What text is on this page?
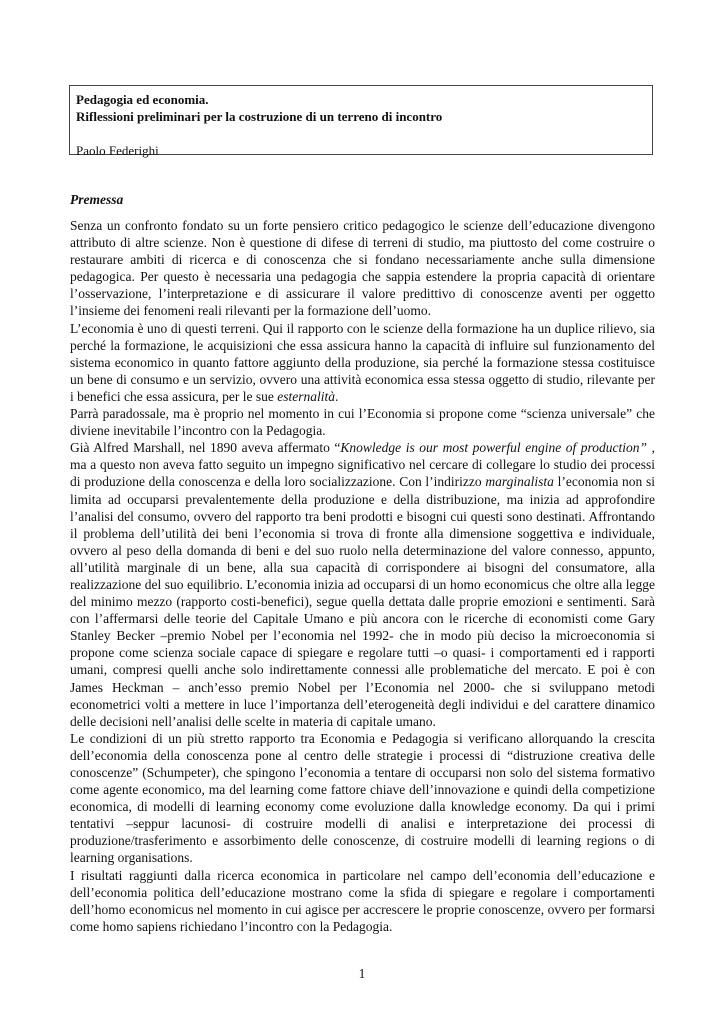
Pedagogia ed economia.
Riflessioni preliminari per la costruzione di un terreno di incontro
Paolo Federighi
Premessa

Senza un confronto fondato su un forte pensiero critico pedagogico le scienze dell’educazione divengono attributo di altre scienze. Non è questione di difese di terreni di studio, ma piuttosto del come costruire o restaurare ambiti di ricerca e di conoscenza che si fondano necessariamente anche sulla dimensione pedagogica. Per questo è necessaria una pedagogia che sappia estendere la propria capacità di orientare l’osservazione, l’interpretazione e di assicurare il valore predittivo di conoscenze aventi per oggetto l’insieme dei fenomeni reali rilevanti per la formazione dell’uomo.

L’economia è uno di questi terreni. Qui il rapporto con le scienze della formazione ha un duplice rilievo, sia perché la formazione, le acquisizioni che essa assicura hanno la capacità di influire sul funzionamento del sistema economico in quanto fattore aggiunto della produzione, sia perché la formazione stessa costituisce un bene di consumo e un servizio, ovvero una attività economica essa stessa oggetto di studio, rilevante per i benefici che essa assicura, per le sue esternalità.

Parrà paradossale, ma è proprio nel momento in cui l’Economia si propone come “scienza universale” che diviene inevitabile l’incontro con la Pedagogia.

Già Alfred Marshall, nel 1890 aveva affermato “Knowledge is our most powerful engine of production” , ma a questo non aveva fatto seguito un impegno significativo nel cercare di collegare lo studio dei processi di produzione della conoscenza e della loro socializzazione. Con l’indirizzo marginalista l’economia non si limita ad occuparsi prevalentemente della produzione e della distribuzione, ma inizia ad approfondire l’analisi del consumo, ovvero del rapporto tra beni prodotti e bisogni cui questi sono destinati. Affrontando il problema dell’utilità dei beni l’economia si trova di fronte alla dimensione soggettiva e individuale, ovvero al peso della domanda di beni e del suo ruolo nella determinazione del valore connesso, appunto, all’utilità marginale di un bene, alla sua capacità di corrispondere ai bisogni del consumatore, alla realizzazione del suo equilibrio. L’economia inizia ad occuparsi di un homo economicus che oltre alla legge del minimo mezzo (rapporto costi-benefici), segue quella dettata dalle proprie emozioni e sentimenti. Sarà con l’affermarsi delle teorie del Capitale Umano e più ancora con le ricerche di economisti come Gary Stanley Becker –premio Nobel per l’economia nel 1992- che in modo più deciso la microeconomia si propone come scienza sociale capace di spiegare e regolare tutti –o quasi- i comportamenti ed i rapporti umani, compresi quelli anche solo indirettamente connessi alle problematiche del mercato. E poi è con James Heckman – anch’esso premio Nobel per l’Economia nel 2000- che si sviluppano metodi econometrici volti a mettere in luce l’importanza dell’eterogeneità degli individui e del carattere dinamico delle decisioni nell’analisi delle scelte in materia di capitale umano.

Le condizioni di un più stretto rapporto tra Economia e Pedagogia si verificano allorquando la crescita dell’economia della conoscenza pone al centro delle strategie i processi di “distruzione creativa delle conoscenze” (Schumpeter), che spingono l’economia a tentare di occuparsi non solo del sistema formativo come agente economico, ma del learning come fattore chiave dell’innovazione e quindi della competizione economica, di modelli di learning economy come evoluzione dalla knowledge economy. Da qui i primi tentativi –seppur lacunosi- di costruire modelli di analisi e interpretazione dei processi di produzione/trasferimento e assorbimento delle conoscenze, di costruire modelli di learning regions o di learning organisations.

I risultati raggiunti dalla ricerca economica in particolare nel campo dell’economia dell’educazione e dell’economia politica dell’educazione mostrano come la sfida di spiegare e regolare i comportamenti dell’homo economicus nel momento in cui agisce per accrescere le proprie conoscenze, ovvero per formarsi come homo sapiens richiedano l’incontro con la Pedagogia.

1
